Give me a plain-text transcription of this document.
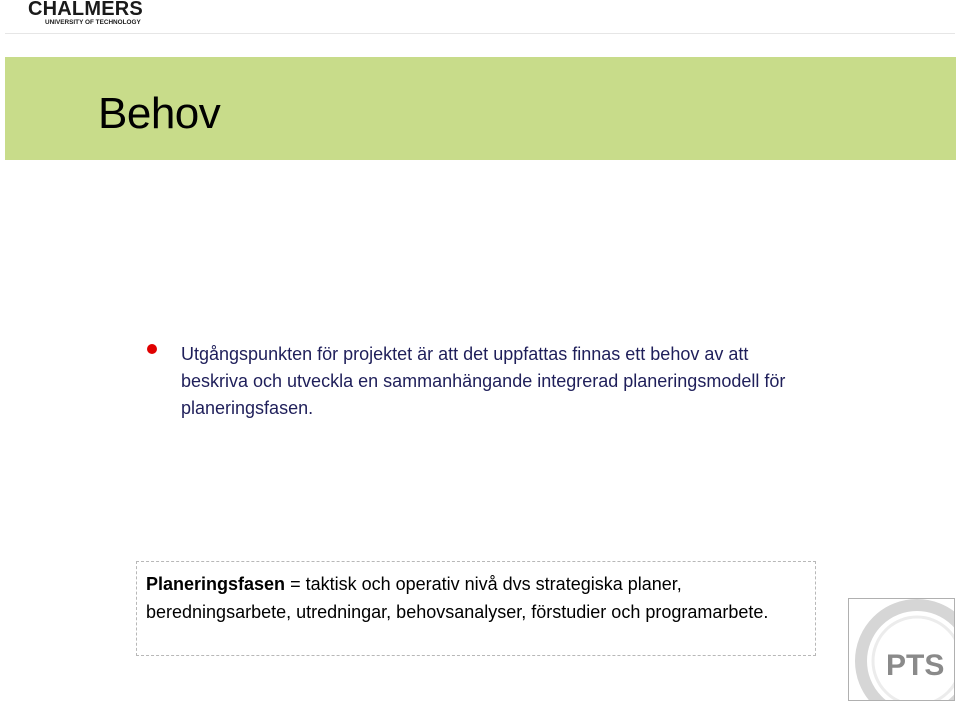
CHALMERS
UNIVERSITY OF TECHNOLOGY
Behov
Utgångspunkten för projektet är att det uppfattas finnas ett behov av att beskriva och utveckla en sammanhängande integrerad planeringsmodell för planeringsfasen.
Planeringsfasen = taktisk och operativ nivå dvs strategiska planer, beredningsarbete, utredningar, behovsanalyser, förstudier och programarbete.
PTS
